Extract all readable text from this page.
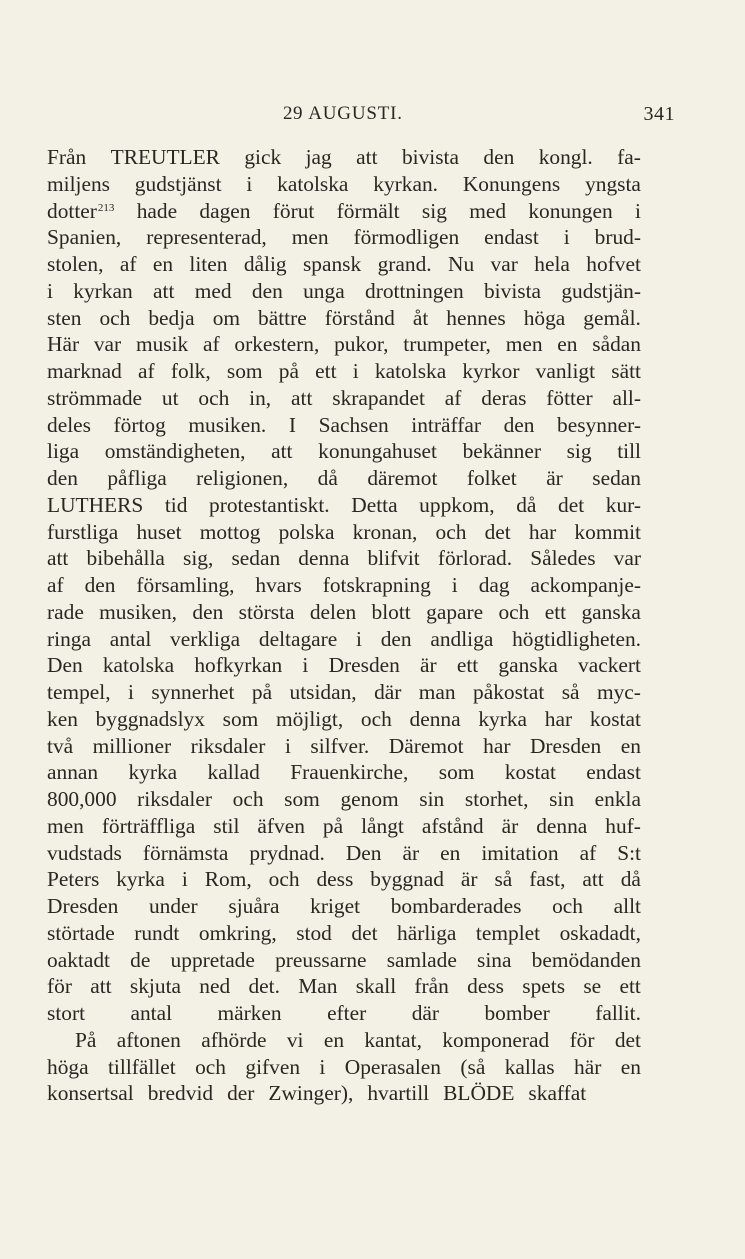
29 AUGUSTI.	341
Från TREUTLER gick jag att bivista den kongl. fa-
miljens gudstjänst i katolska kyrkan. Konungens yngsta
dotter$^{213}$ hade dagen förut förmält sig med konungen i
Spanien, representerad, men förmodligen endast i brud-
stolen, af en liten dålig spansk grand. Nu var hela hofvet
i kyrkan att med den unga drottningen bivista gudstjän-
sten och bedja om bättre förstånd åt hennes höga gemål.
Här var musik af orkestern, pukor, trumpeter, men en sådan
marknad af folk, som på ett i katolska kyrkor vanligt sätt
strömmade ut och in, att skrapandet af deras fötter all-
deles förtog musiken. I Sachsen inträffar den besynner-
liga omständigheten, att konungahuset bekänner sig till
den påfliga religionen, då däremot folket är sedan
LUTHERS tid protestantiskt. Detta uppkom, då det kur-
furstliga huset mottog polska kronan, och det har kommit
att bibehålla sig, sedan denna blifvit förlorad. Således var
af den församling, hvars fotskrapning i dag ackompanje-
rade musiken, den största delen blott gapare och ett ganska
ringa antal verkliga deltagare i den andliga högtidligheten.
Den katolska hofkyrkan i Dresden är ett ganska vackert
tempel, i synnerhet på utsidan, där man påkostat så myc-
ken byggnadslyx som möjligt, och denna kyrka har kostat
två millioner riksdaler i silfver. Däremot har Dresden en
annan kyrka kallad Frauenkirche, som kostat endast
800,000 riksdaler och som genom sin storhet, sin enkla
men förträffliga stil äfven på långt afstånd är denna huf-
vudstads förnämsta prydnad. Den är en imitation af S:t
Peters kyrka i Rom, och dess byggnad är så fast, att då
Dresden under sjuåra kriget bombarderades och allt
störtade rundt omkring, stod det härliga templet oskadadt,
oaktadt de uppretade preussarne samlade sina bemödanden
för att skjuta ned det. Man skall från dess spets se ett
stort antal märken efter där bomber fallit.
På aftonen afhörde vi en kantat, komponerad för det
höga tillfället och gifven i Operasalen (så kallas här en
konsertsal bredvid der Zwinger), hvartill BLÖDE skaffat
